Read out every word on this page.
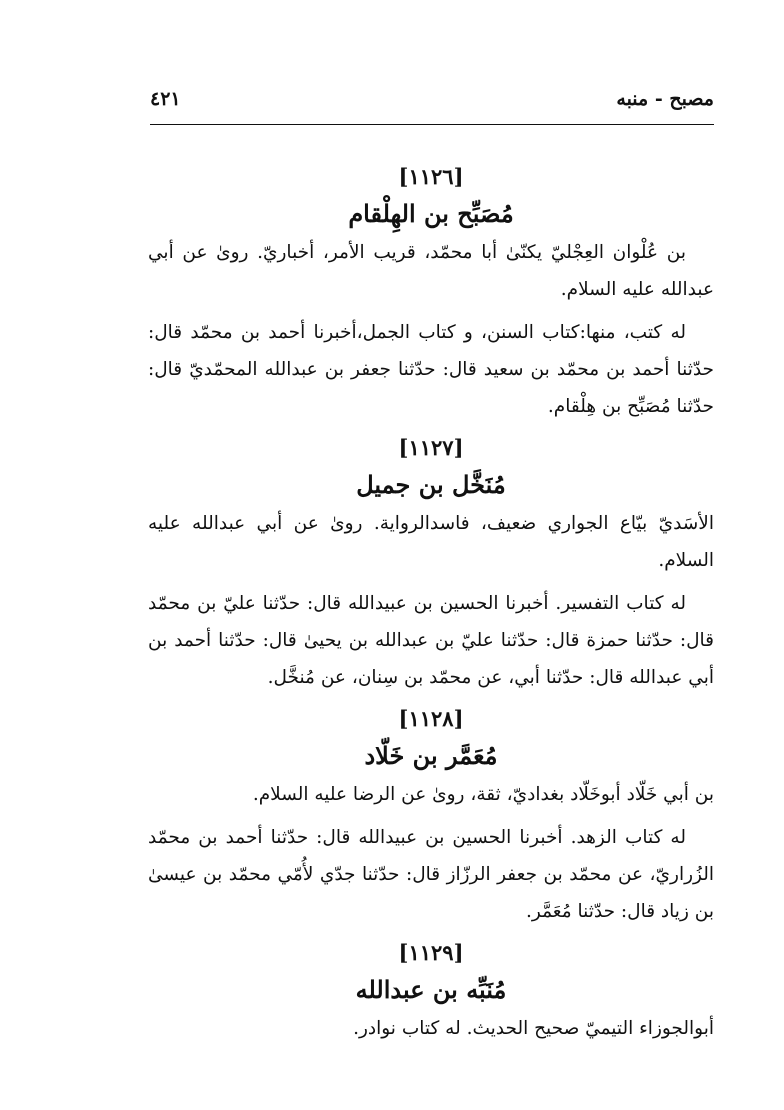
مصبح - منبه
٤٢١
[١١٢٦]
مُصَبِّح بن الهِلْقام

بن عُلْوان العِجْليّ يكنّىٰ أبا محمّد، قريب الأمر، أخباريّ. روىٰ عن أبي عبدالله عليه السلام.

له كتب، منها:كتاب السنن، و كتاب الجمل،أخبرنا أحمد بن محمّد قال: حدّثنا أحمد بن محمّد بن سعيد قال: حدّثنا جعفر بن عبدالله المحمّديّ قال: حدّثنا مُصَبِّح بن هِلْقام.

[١١٢٧]
مُنَخَّل بن جميل

الأسَديّ بيّاع الجواري ضعيف، فاسدالرواية. روىٰ عن أبي عبدالله عليه السلام.

له كتاب التفسير. أخبرنا الحسين بن عبيدالله قال: حدّثنا عليّ بن محمّد قال: حدّثنا حمزة قال: حدّثنا عليّ بن عبدالله بن يحيىٰ قال: حدّثنا أحمد بن أبي عبدالله قال: حدّثنا أبي، عن محمّد بن سِنان، عن مُنخَّل.

[١١٢٨]
مُعَمَّر بن خَلّاد

بن أبي خَلّاد أبوخَلّاد بغداديّ، ثقة، روىٰ عن الرضا عليه السلام.

له كتاب الزهد. أخبرنا الحسين بن عبيدالله قال: حدّثنا أحمد بن محمّد الزُراريّ، عن محمّد بن جعفر الرزّاز قال: حدّثنا جدّي لأُمّي محمّد بن عيسىٰ بن زياد قال: حدّثنا مُعَمَّر.

[١١٢٩]
مُنَبِّه بن عبدالله

أبوالجوزاء التيميّ صحيح الحديث. له كتاب نوادر.
